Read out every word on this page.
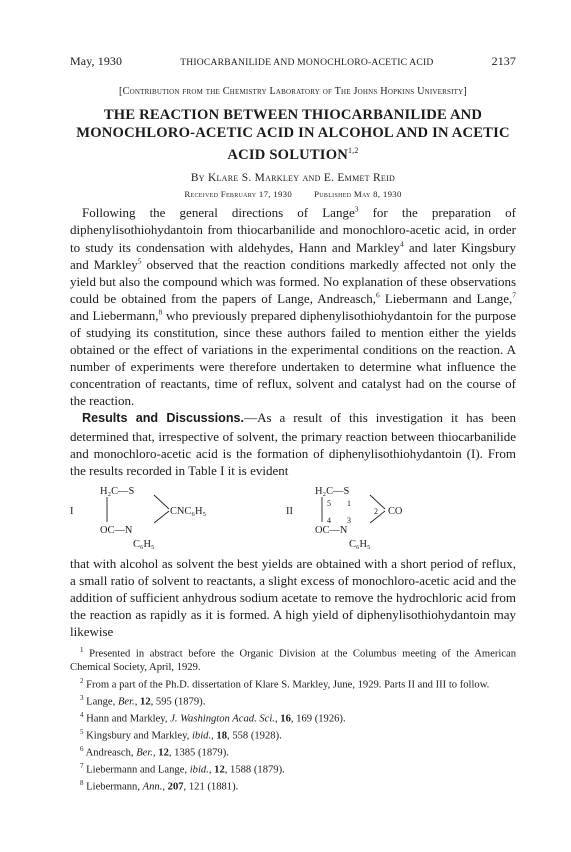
May, 1930	THIOCARBANILIDE AND MONOCHLORO-ACETIC ACID	2137
[Contribution from the Chemistry Laboratory of The Johns Hopkins University]
THE REACTION BETWEEN THIOCARBANILIDE AND MONOCHLORO-ACETIC ACID IN ALCOHOL AND IN ACETIC ACID SOLUTION$^{1,2}$
By Klare S. Markley and E. Emmet Reid
Received February 17, 1930	Published May 8, 1930

Following the general directions of Lange$^3$ for the preparation of diphenylisothiohydantoin from thiocarbanilide and monochloro-acetic acid, in order to study its condensation with aldehydes, Hann and Markley$^4$ and later Kingsbury and Markley$^5$ observed that the reaction conditions markedly affected not only the yield but also the compound which was formed. No explanation of these observations could be obtained from the papers of Lange, Andreasch,$^6$ Liebermann and Lange,$^7$ and Liebermann,$^8$ who previously prepared diphenylisothiohydantoin for the purpose of studying its constitution, since these authors failed to mention either the yields obtained or the effect of variations in the experimental conditions on the reaction. A number of experiments were therefore undertaken to determine what influence the concentration of reactants, time of reflux, solvent and catalyst had on the course of the reaction.

Results and Discussions.—As a result of this investigation it has been determined that, irrespective of solvent, the primary reaction between thiocarbanilide and monochloro-acetic acid is the formation of diphenylisothiohydantoin (I). From the results recorded in Table I it is evident

I
H₂C—S
CNC₆H₅
OC—N
C₆H₅
II
H₂C—S
CO
OC—N
C₆H₅
5 1
2
4 3

that with alcohol as solvent the best yields are obtained with a short period of reflux, a small ratio of solvent to reactants, a slight excess of monochloro-acetic acid and the addition of sufficient anhydrous sodium acetate to remove the hydrochloric acid from the reaction as rapidly as it is formed. A high yield of diphenylisothiohydantoin may likewise

$^1$ Presented in abstract before the Organic Division at the Columbus meeting of the American Chemical Society, April, 1929.
$^2$ From a part of the Ph.D. dissertation of Klare S. Markley, June, 1929. Parts II and III to follow.
$^3$ Lange, Ber., 12, 595 (1879).
$^4$ Hann and Markley, J. Washington Acad. Sci., 16, 169 (1926).
$^5$ Kingsbury and Markley, ibid., 18, 558 (1928).
$^6$ Andreasch, Ber., 12, 1385 (1879).
$^7$ Liebermann and Lange, ibid., 12, 1588 (1879).
$^8$ Liebermann, Ann., 207, 121 (1881).
